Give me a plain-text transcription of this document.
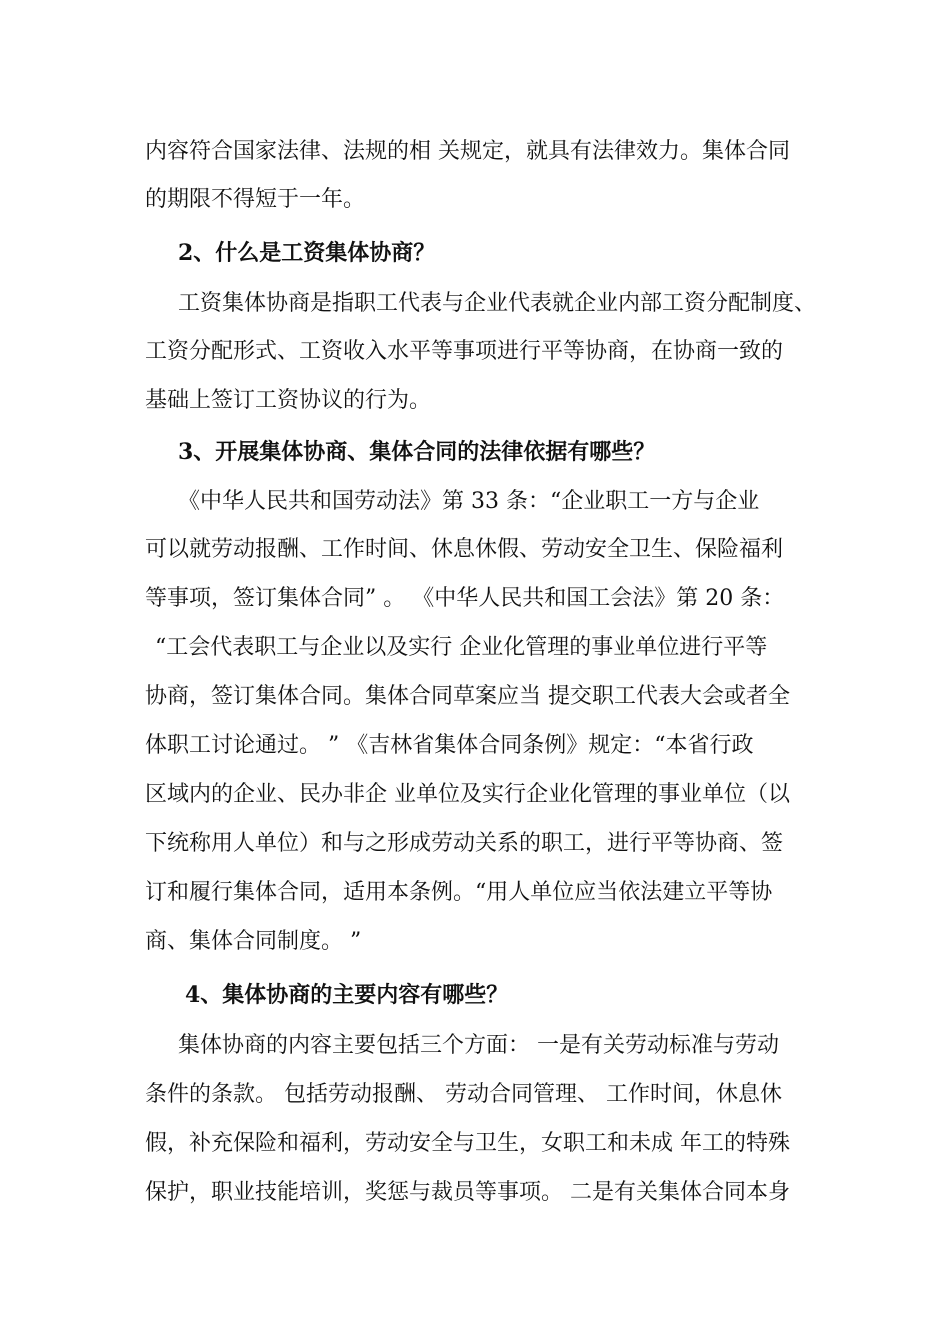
内容符合国家法律、法规的相 关规定，就具有法律效力。集体合同
的期限不得短于一年。
2、什么是工资集体协商？
工资集体协商是指职工代表与企业代表就企业内部工资分配制度、
工资分配形式、工资收入水平等事项进行平等协商，在协商一致的
基础上签订工资协议的行为。
3、开展集体协商、集体合同的法律依据有哪些？
《中华人民共和国劳动法》第 33 条：“企业职工一方与企业
可以就劳动报酬、工作时间、休息休假、劳动安全卫生、保险福利
等事项，签订集体合同” 。 《中华人民共和国工会法》第 20 条：
“工会代表职工与企业以及实行 企业化管理的事业单位进行平等
协商，签订集体合同。集体合同草案应当 提交职工代表大会或者全
体职工讨论通过。 ” 《吉林省集体合同条例》规定：“本省行政
区域内的企业、民办非企 业单位及实行企业化管理的事业单位（以
下统称用人单位）和与之形成劳动关系的职工，进行平等协商、签
订和履行集体合同，适用本条例。“用人单位应当依法建立平等协
商、集体合同制度。 ”
4、集体协商的主要内容有哪些？
集体协商的内容主要包括三个方面： 一是有关劳动标准与劳动
条件的条款。 包括劳动报酬、 劳动合同管理、 工作时间，休息休
假，补充保险和福利，劳动安全与卫生，女职工和未成 年工的特殊
保护，职业技能培训，奖惩与裁员等事项。 二是有关集体合同本身
